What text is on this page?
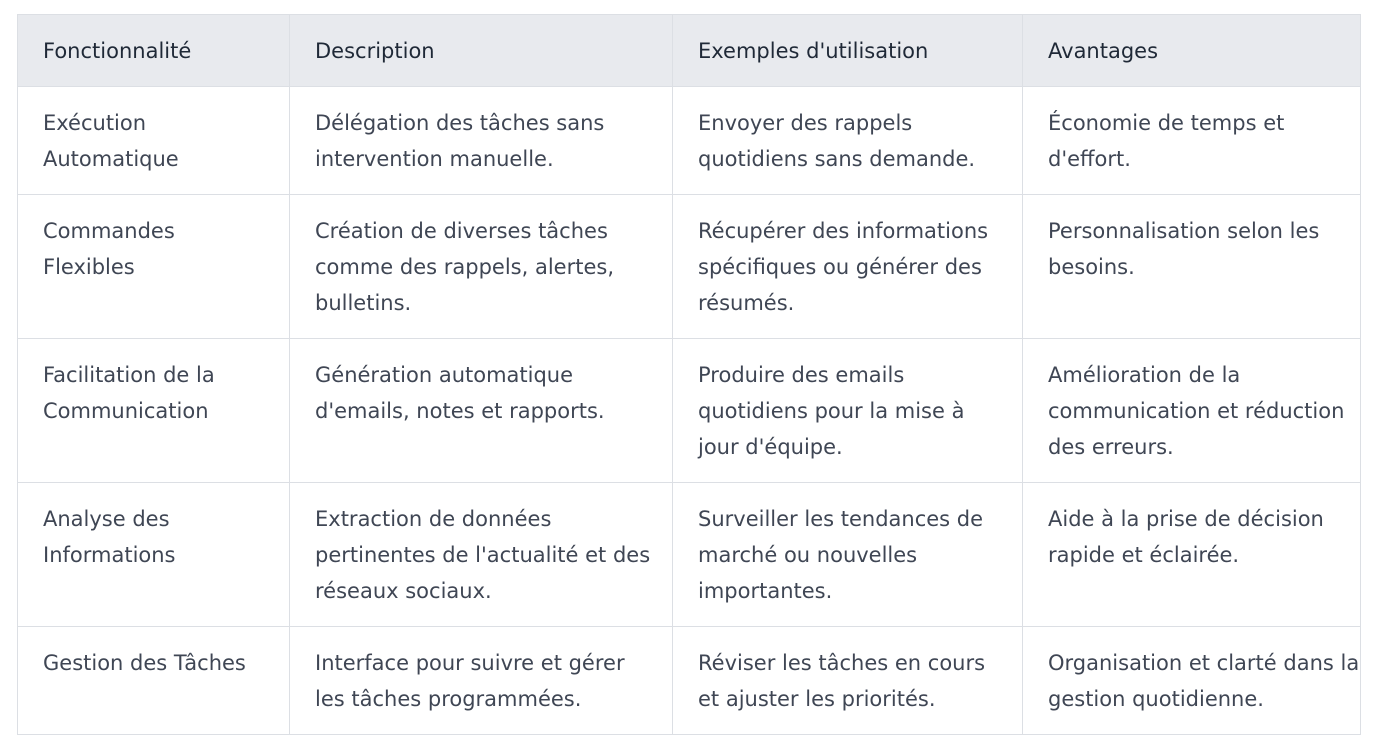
Fonctionnalité	Description	Exemples d'utilisation	Avantages

Exécution Automatique	Délégation des tâches sans intervention manuelle.	Envoyer des rappels quotidiens sans demande.	Économie de temps et d'effort.

Commandes Flexibles	Création de diverses tâches comme des rappels, alertes, bulletins.	Récupérer des informations spécifiques ou générer des résumés.	Personnalisation selon les besoins.

Facilitation de la Communication	Génération automatique d'emails, notes et rapports.	Produire des emails quotidiens pour la mise à jour d'équipe.	Amélioration de la communication et réduction des erreurs.

Analyse des Informations	Extraction de données pertinentes de l'actualité et des réseaux sociaux.	Surveiller les tendances de marché ou nouvelles importantes.	Aide à la prise de décision rapide et éclairée.

Gestion des Tâches	Interface pour suivre et gérer les tâches programmées.	Réviser les tâches en cours et ajuster les priorités.	Organisation et clarté dans la gestion quotidienne.
